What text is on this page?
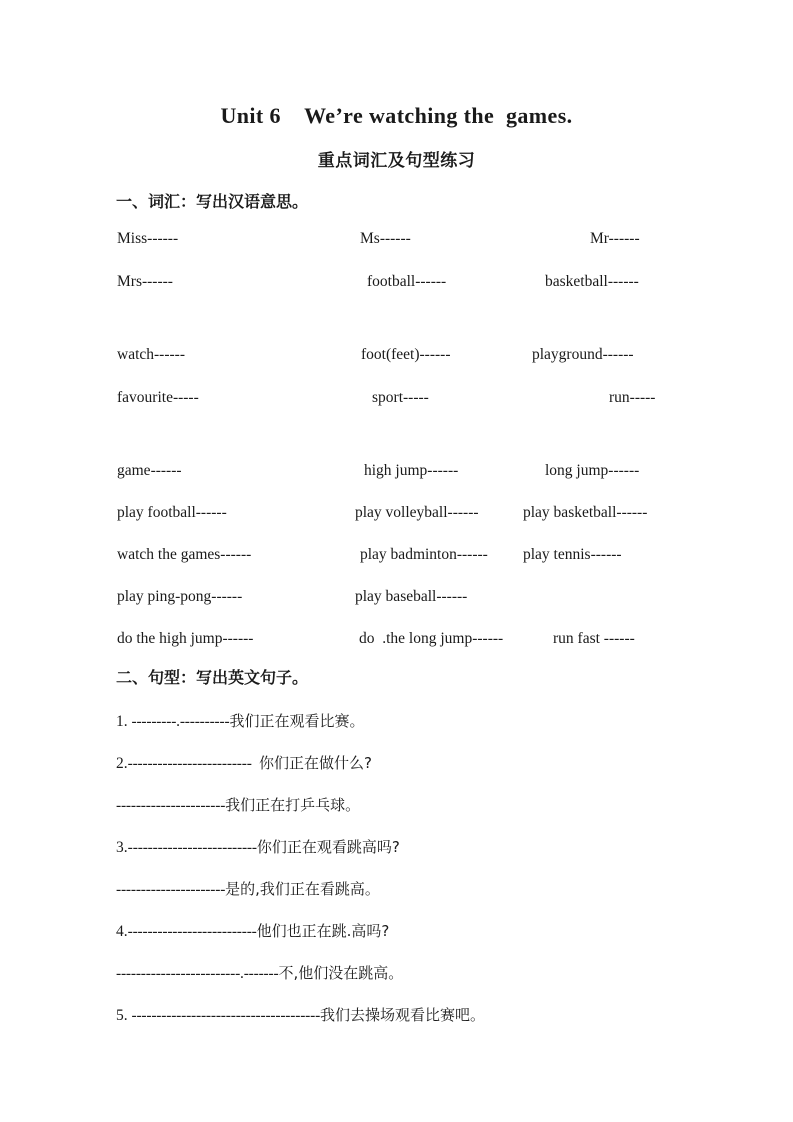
Unit 6    We’re watching the  games.
重点词汇及句型练习
一、词汇：写出汉语意思。
Miss------	Ms------	Mr------
Mrs------	football------	basketball------
watch------	foot(feet)------	playground------
favourite-----	sport-----	run-----
game------	high jump------	long jump------
play football------	play volleyball------	play basketball------
watch the games------	play badminton------ play tennis------
play ping-pong------	play baseball------
do the high jump------	do  .the long jump------	run fast ------
二、句型：写出英文句子。
1. ---------.----------我们正在观看比赛。
2.-------------------------  你们正在做什么?
----------------------我们正在打乒乓球。
3.--------------------------你们正在观看跳高吗?
----------------------是的,我们正在看跳高。
4.--------------------------他们也正在跳.高吗?
-------------------------.-------不,他们没在跳高。
5. --------------------------------------我们去操场观看比赛吧。
